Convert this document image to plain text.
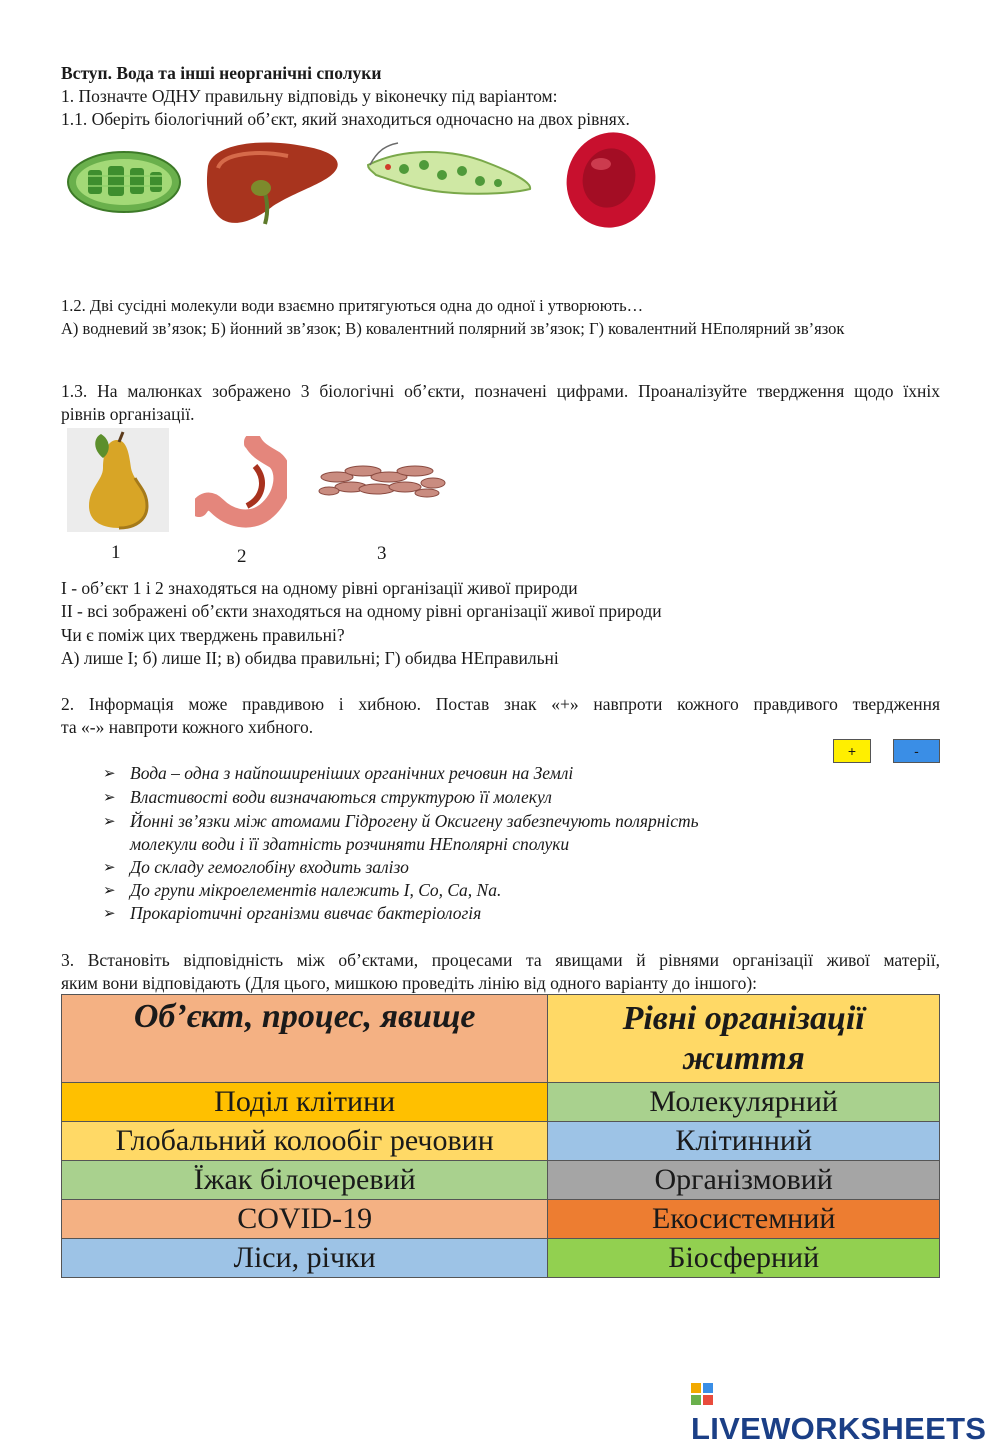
Вступ. Вода та інші неорганічні сполуки
1. Позначте ОДНУ правильну відповідь у віконечку під варіантом:
1.1. Оберіть біологічний об’єкт, який знаходиться одночасно на двох рівнях.
1.2. Дві сусідні молекули води взаємно притягуються одна до одної і утворюють…
А) водневий зв’язок; Б) йонний зв’язок; В) ковалентний полярний зв’язок; Г) ковалентний НЕполярний зв’язок
1.3. На малюнках зображено 3 біологічні об’єкти, позначені цифрами. Проаналізуйте твердження щодо їхніх
рівнів організації.
1	2	3
I - об’єкт 1 і 2 знаходяться на одному рівні організації живої природи
II - всі зображені об’єкти знаходяться на одному рівні організації живої природи
Чи є поміж цих тверджень правильні?
А) лише I; б) лише II; в) обидва правильні; Г) обидва НЕправильні
2. Інформація може правдивою і хибною. Постав знак «+» навпроти кожного правдивого твердження
та «-» навпроти кожного хибного.
+	-
➢ Вода – одна з найпоширеніших органічних речовин на Землі
➢ Властивості води визначаються структурою її молекул
➢ Йонні зв’язки між атомами Гідрогену й Оксигену забезпечують полярність
молекули води і її здатність розчиняти НЕполярні сполуки
➢ До складу гемоглобіну входить залізо
➢ До групи мікроелементів належить I, Co, Ca, Na.
➢ Прокаріотичні організми вивчає бактеріологія
3. Встановіть відповідність між об’єктами, процесами та явищами й рівнями організації живої матерії,
яким вони відповідають (Для цього, мишкою проведіть лінію від одного варіанту до іншого):
Об’єкт, процес, явище	Рівні організації
життя
Поділ клітини	Молекулярний
Глобальний колообіг речовин	Клітинний
Їжак білочеревий	Організмовий
COVID-19	Екосистемний
Ліси, річки	Біосферний
LIVEWORKSHEETS
